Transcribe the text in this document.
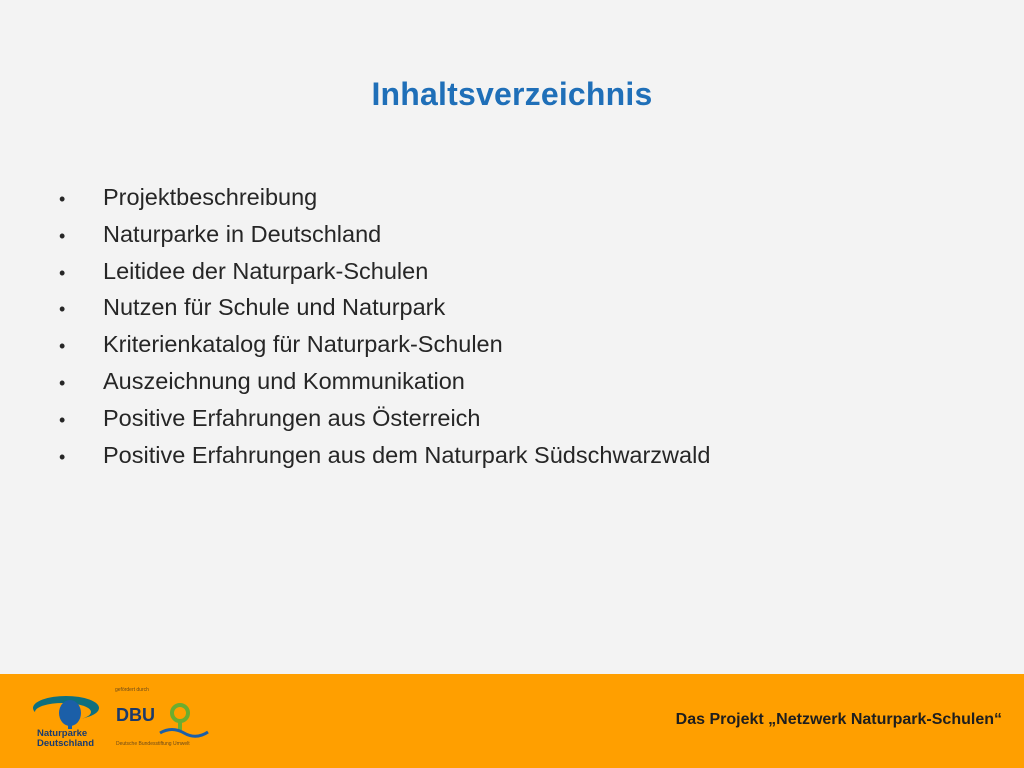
Inhaltsverzeichnis
•	Projektbeschreibung
•	Naturparke in Deutschland
•	Leitidee der Naturpark-Schulen
•	Nutzen für Schule und Naturpark
•	Kriterienkatalog für Naturpark-Schulen
•	Auszeichnung und Kommunikation
•	Positive Erfahrungen aus Österreich
•	Positive Erfahrungen aus dem Naturpark Südschwarzwald
Naturparke
Deutschland
gefördert durch
DBU
Deutsche Bundesstiftung Umwelt
Das Projekt „Netzwerk Naturpark-Schulen“
